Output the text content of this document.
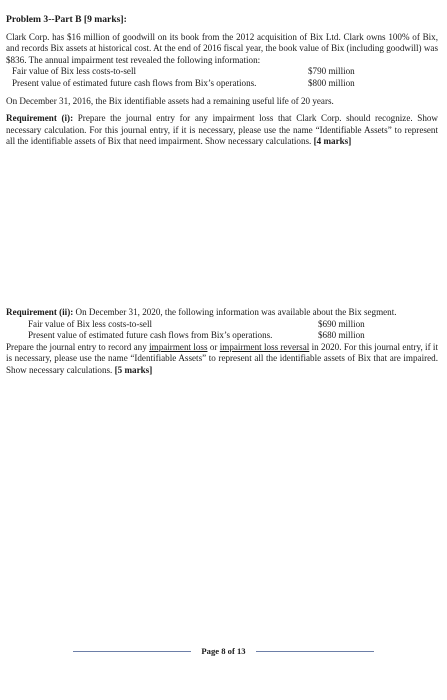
Problem 3--Part B [9 marks]:
Clark Corp. has $16 million of goodwill on its book from the 2012 acquisition of Bix Ltd. Clark owns 100% of Bix, and records Bix assets at historical cost. At the end of 2016 fiscal year, the book value of Bix (including goodwill) was $836. The annual impairment test revealed the following information:
Fair value of Bix less costs-to-sell	$790 million
Present value of estimated future cash flows from Bix’s operations.	$800 million
On December 31, 2016, the Bix identifiable assets had a remaining useful life of 20 years.
Requirement (i): Prepare the journal entry for any impairment loss that Clark Corp. should recognize. Show necessary calculation. For this journal entry, if it is necessary, please use the name “Identifiable Assets” to represent all the identifiable assets of Bix that need impairment. Show necessary calculations. [4 marks]
Requirement (ii): On December 31, 2020, the following information was available about the Bix segment.
Fair value of Bix less costs-to-sell	$690 million
Present value of estimated future cash flows from Bix’s operations.	$680 million
Prepare the journal entry to record any impairment loss or impairment loss reversal in 2020. For this journal entry, if it is necessary, please use the name “Identifiable Assets” to represent all the identifiable assets of Bix that are impaired. Show necessary calculations. [5 marks]
Page 8 of 13
